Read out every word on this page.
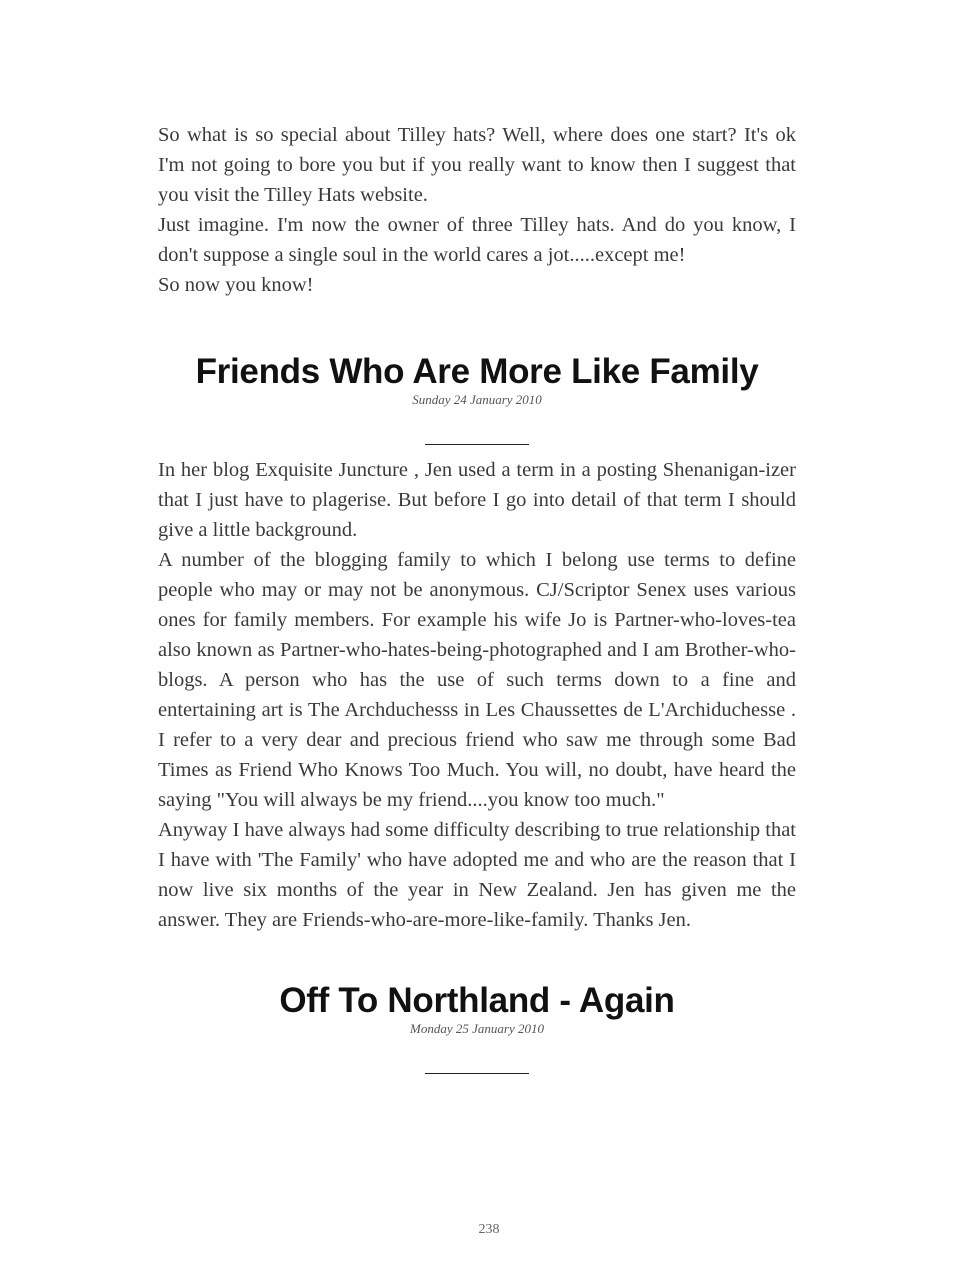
So what is so special about Tilley hats? Well, where does one start? It's ok I'm not going to bore you but if you really want to know then I suggest that you visit the Tilley Hats website.

Just imagine. I'm now the owner of three Tilley hats. And do you know, I don't suppose a single soul in the world cares a jot.....except me!

So now you know!

Friends Who Are More Like Family

Sunday 24 January 2010

In her blog Exquisite Juncture , Jen used a term in a posting Shenanigan-izer that I just have to plagerise. But before I go into detail of that term I should give a little background.

A number of the blogging family to which I belong use terms to define people who may or may not be anonymous. CJ/Scriptor Senex uses various ones for family members. For example his wife Jo is Partner-who-loves-tea also known as Partner-who-hates-being-photographed and I am Brother-who-blogs. A person who has the use of such terms down to a fine and entertaining art is The Archduchesss in Les Chaussettes de L'Archiduchesse . I refer to a very dear and precious friend who saw me through some Bad Times as Friend Who Knows Too Much. You will, no doubt, have heard the saying "You will always be my friend....you know too much."

Anyway I have always had some difficulty describing to true relationship that I have with 'The Family' who have adopted me and who are the reason that I now live six months of the year in New Zealand. Jen has given me the answer. They are Friends-who-are-more-like-family. Thanks Jen.

Off To Northland - Again

Monday 25 January 2010

238
